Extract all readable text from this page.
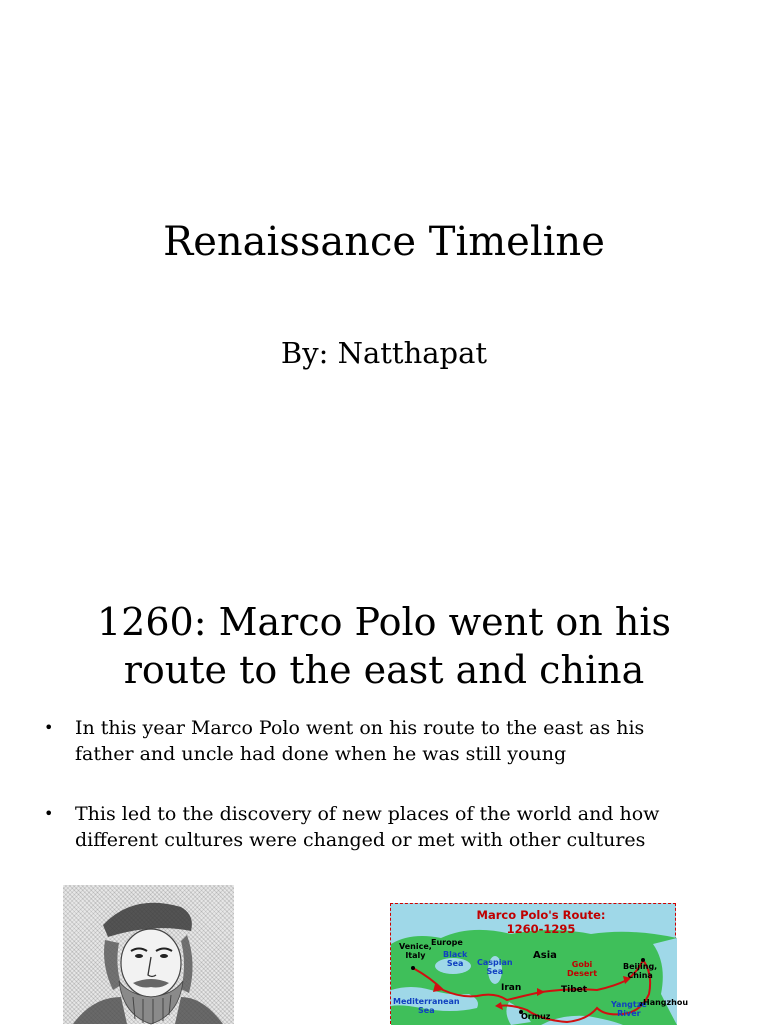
Renaissance Timeline
By: Natthapat
1260: Marco Polo went on his
route to the east and china
• In this year Marco Polo went on his route to the east as his
father and uncle had done when he was still young
• This led to the discovery of new places of the world and how
different cultures were changed or met with other cultures
Marco Polo's Route:
1260-1295
Venice,
Italy
Europe
Black
Sea	Caspian
Sea
Asia
Beijing,
China
Gobi
Desert
Mediterranean
Sea
Iran	Tibet
Ormuz
Yangtze
River
Hangzhou
